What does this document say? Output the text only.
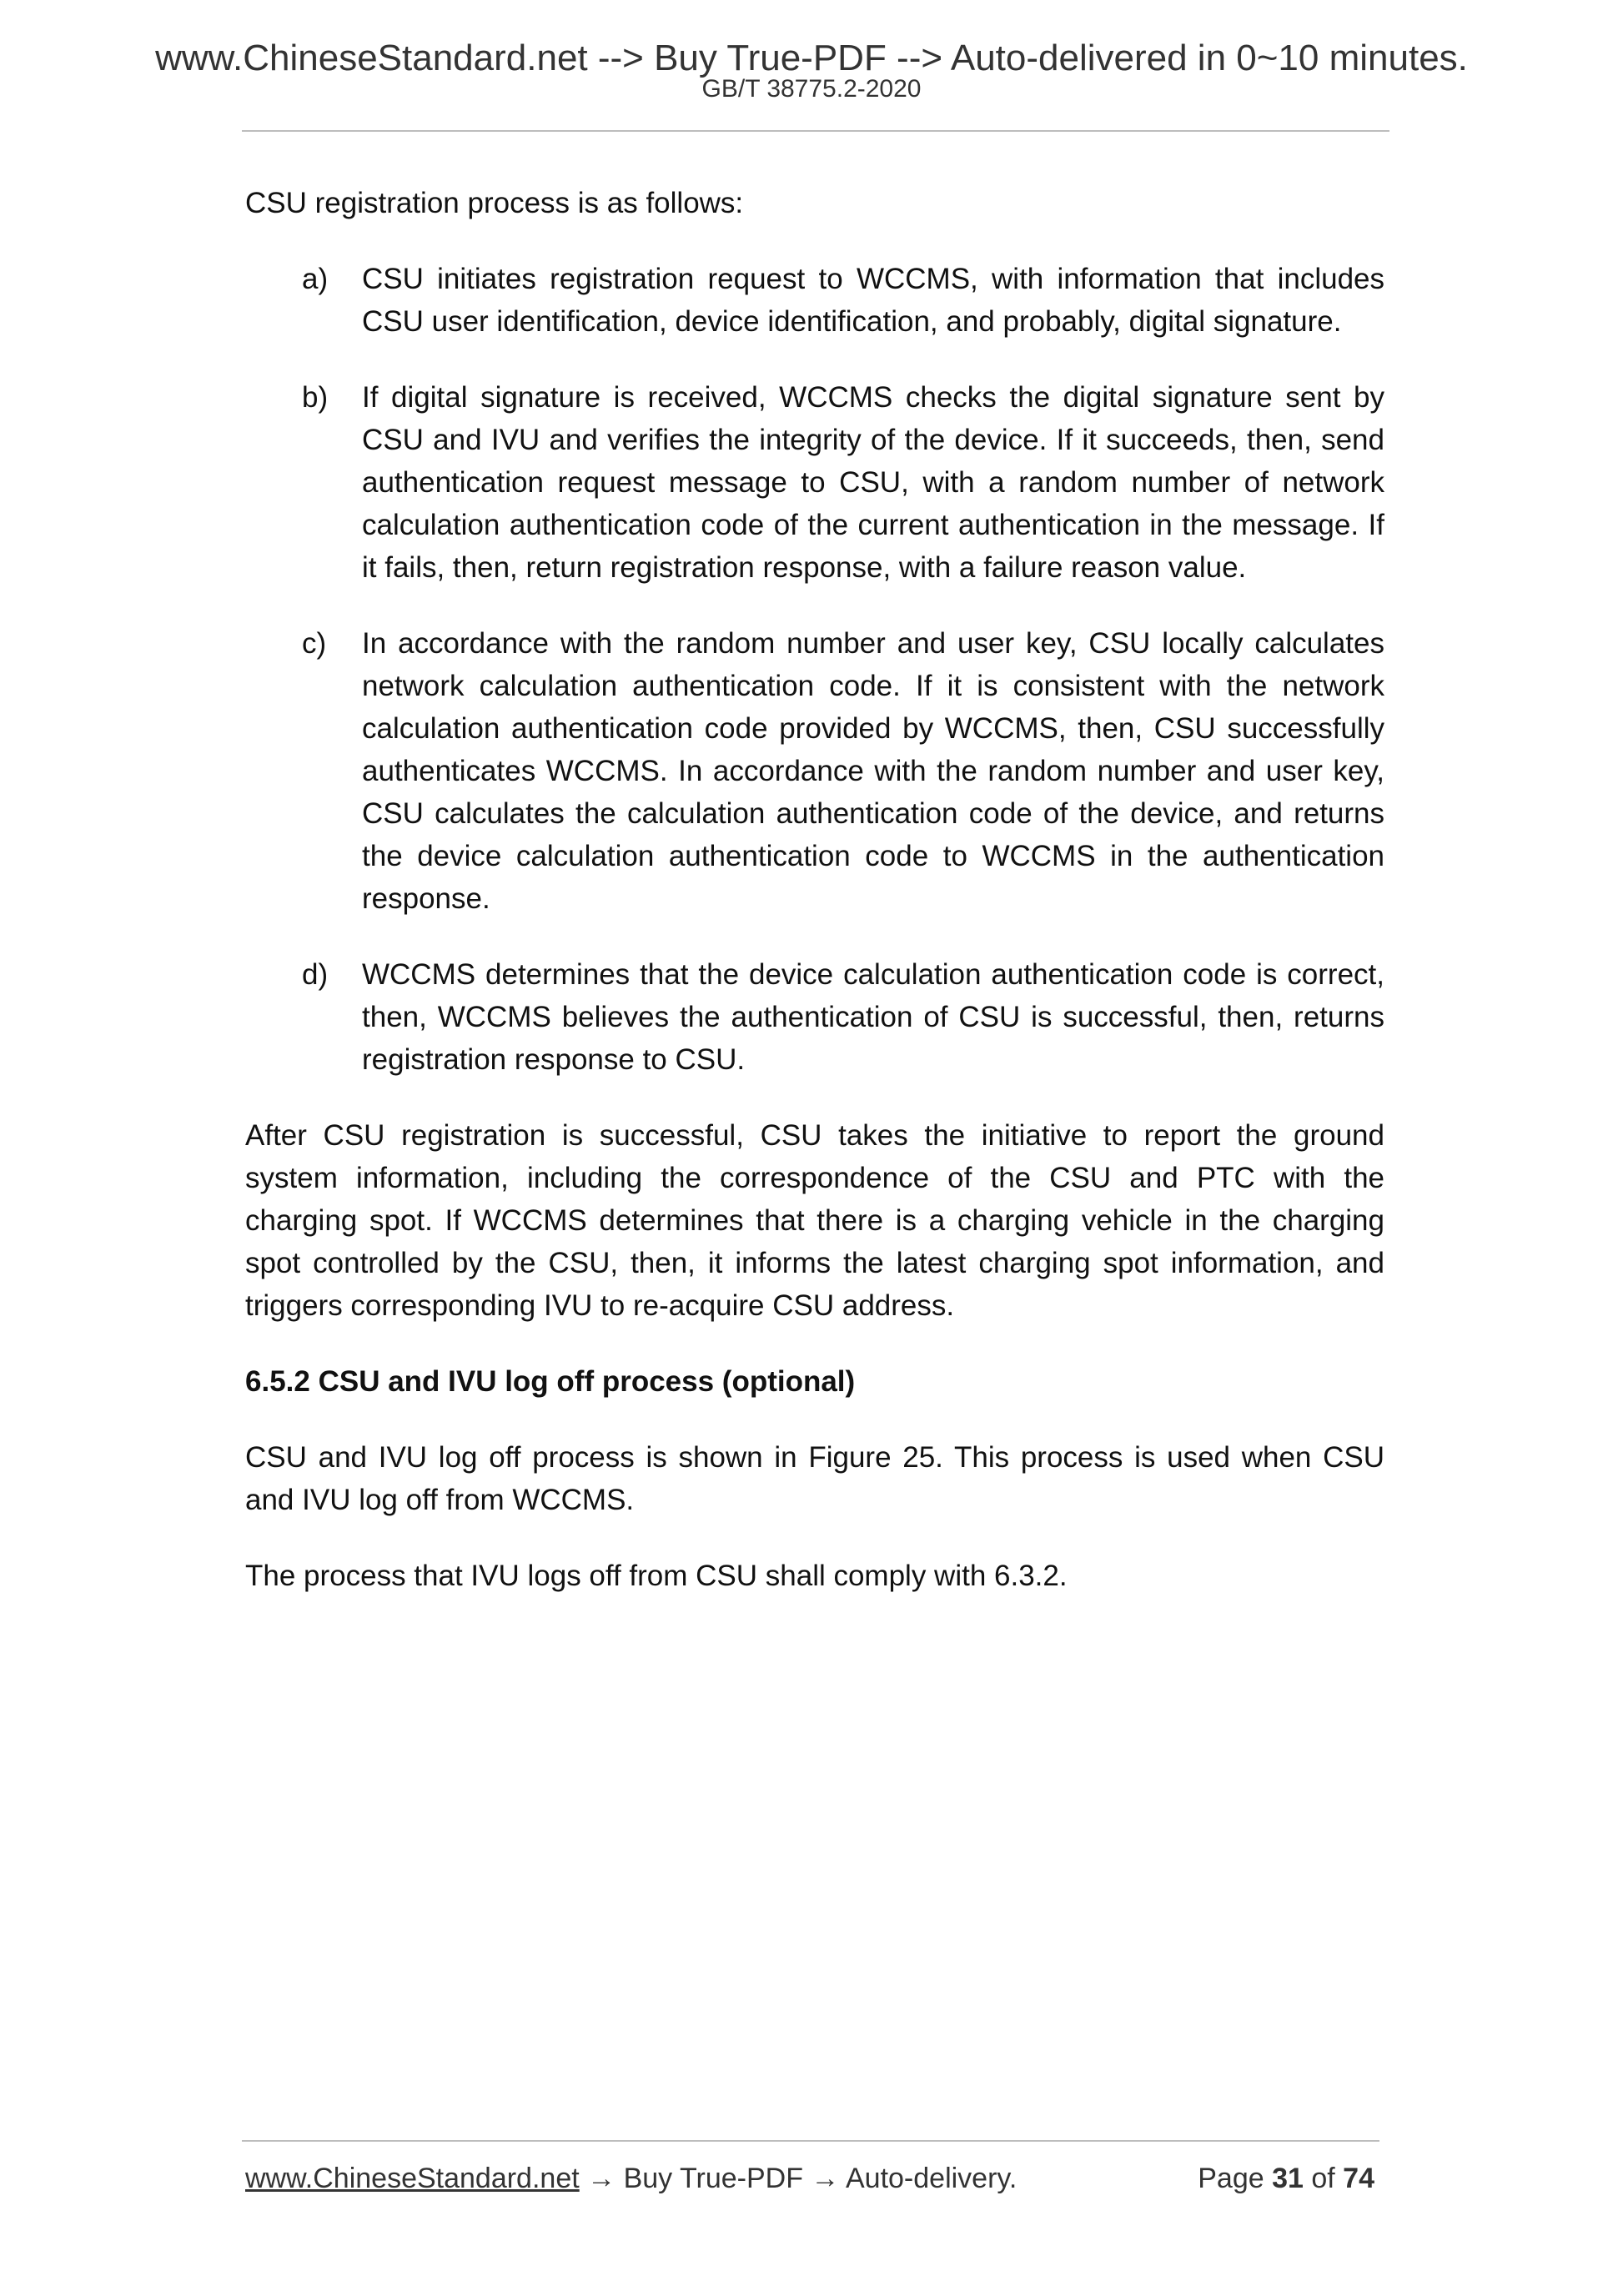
www.ChineseStandard.net --> Buy True-PDF --> Auto-delivered in 0~10 minutes.
GB/T 38775.2-2020

CSU registration process is as follows:

a)	CSU initiates registration request to WCCMS, with information that includes CSU user identification, device identification, and probably, digital signature.
b)	If digital signature is received, WCCMS checks the digital signature sent by CSU and IVU and verifies the integrity of the device. If it succeeds, then, send authentication request message to CSU, with a random number of network calculation authentication code of the current authentication in the message. If it fails, then, return registration response, with a failure reason value.
c)	In accordance with the random number and user key, CSU locally calculates network calculation authentication code. If it is consistent with the network calculation authentication code provided by WCCMS, then, CSU successfully authenticates WCCMS. In accordance with the random number and user key, CSU calculates the calculation authentication code of the device, and returns the device calculation authentication code to WCCMS in the authentication response.
d)	WCCMS determines that the device calculation authentication code is correct, then, WCCMS believes the authentication of CSU is successful, then, returns registration response to CSU.

After CSU registration is successful, CSU takes the initiative to report the ground system information, including the correspondence of the CSU and PTC with the charging spot. If WCCMS determines that there is a charging vehicle in the charging spot controlled by the CSU, then, it informs the latest charging spot information, and triggers corresponding IVU to re-acquire CSU address.

6.5.2 CSU and IVU log off process (optional)

CSU and IVU log off process is shown in Figure 25. This process is used when CSU and IVU log off from WCCMS.

The process that IVU logs off from CSU shall comply with 6.3.2.

www.ChineseStandard.net → Buy True-PDF → Auto-delivery.	Page 31 of 74
